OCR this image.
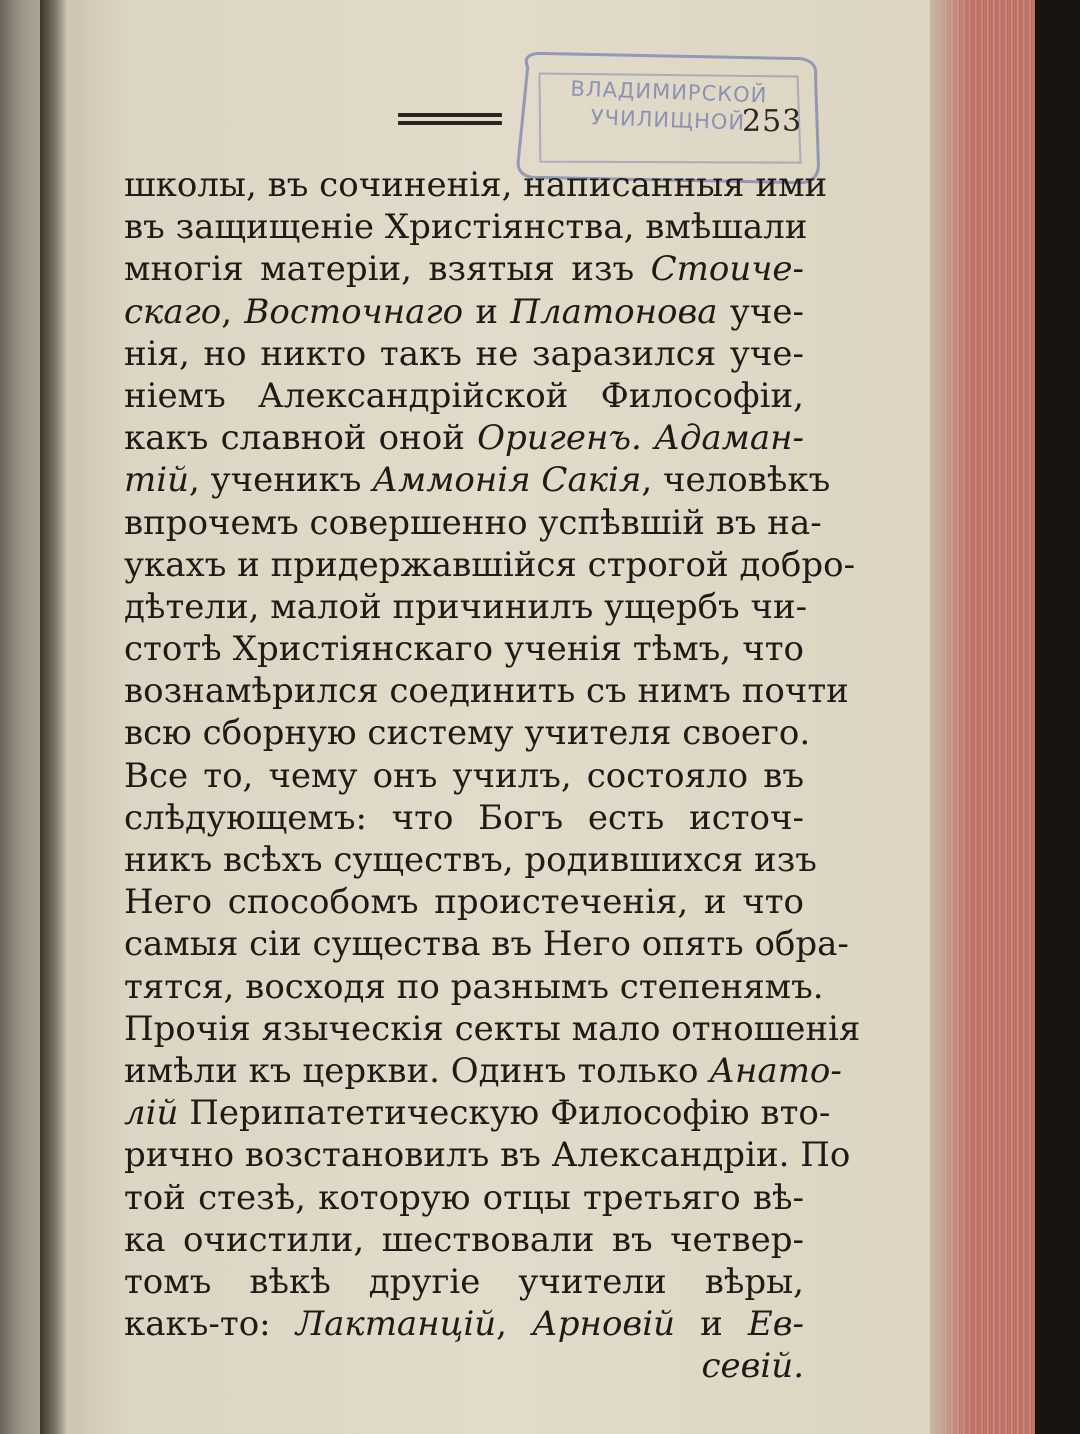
253
ВЛАДИМИРСКОЙ
УЧИЛИЩНОЙ
школы, въ сочиненія, написанныя ими
въ защищеніе Христіянства, вмѣшали
многія матеріи, взятыя изъ Стоиче-
скаго, Восточнаго и Платонова уче-
нія, но никто такъ не заразился уче-
ніемъ Александрійской Философіи,
какъ славной оной Оригенъ. Адаман-
тій, ученикъ Аммонія Сакія, человѣкъ
впрочемъ совершенно успѣвшій въ на-
укахъ и придержавшійся строгой добро-
дѣтели, малой причинилъ ущербъ чи-
стотѣ Христіянскаго ученія тѣмъ, что
вознамѣрился соединить съ нимъ почти
всю сборную систему учителя своего.
Все то, чему онъ училъ, состояло въ
слѣдующемъ: что Богъ есть источ-
никъ всѣхъ существъ, родившихся изъ
Него способомъ проистеченія, и что
самыя сіи существа въ Него опять обра-
тятся, восходя по разнымъ степенямъ.
Прочія языческія секты мало отношенія
имѣли къ церкви. Одинъ только Анато-
лій Перипатетическую Философію вто-
рично возстановилъ въ Александріи. По
той стезѣ, которую отцы третьяго вѣ-
ка очистили, шествовали въ четвер-
томъ вѣкѣ другіе учители вѣры,
какъ-то: Лактанцій, Арновій и Ев-
севій.
